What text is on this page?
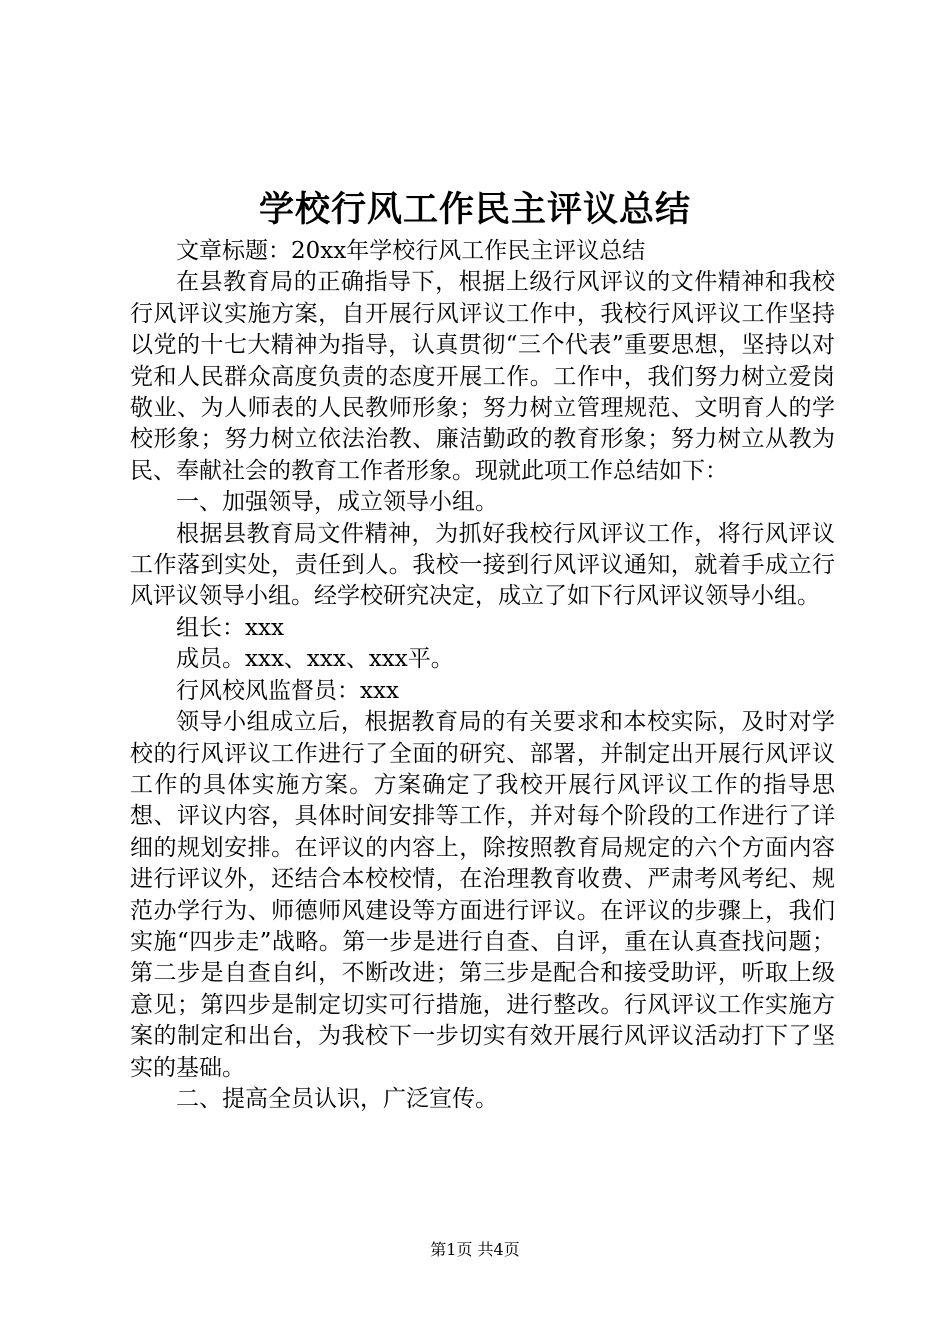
学校行风工作民主评议总结

文章标题：20xx年学校行风工作民主评议总结

在县教育局的正确指导下，根据上级行风评议的文件精神和我校行风评议实施方案，自开展行风评议工作中，我校行风评议工作坚持以党的十七大精神为指导，认真贯彻“三个代表”重要思想，坚持以对党和人民群众高度负责的态度开展工作。工作中，我们努力树立爱岗敬业、为人师表的人民教师形象；努力树立管理规范、文明育人的学校形象；努力树立依法治教、廉洁勤政的教育形象；努力树立从教为民、奉献社会的教育工作者形象。现就此项工作总结如下：

一、加强领导，成立领导小组。

根据县教育局文件精神，为抓好我校行风评议工作，将行风评议工作落到实处，责任到人。我校一接到行风评议通知，就着手成立行风评议领导小组。经学校研究决定，成立了如下行风评议领导小组。

组长：xxx

成员。xxx、xxx、xxx平。

行风校风监督员：xxx

领导小组成立后，根据教育局的有关要求和本校实际，及时对学校的行风评议工作进行了全面的研究、部署，并制定出开展行风评议工作的具体实施方案。方案确定了我校开展行风评议工作的指导思想、评议内容，具体时间安排等工作，并对每个阶段的工作进行了详细的规划安排。在评议的内容上，除按照教育局规定的六个方面内容进行评议外，还结合本校校情，在治理教育收费、严肃考风考纪、规范办学行为、师德师风建设等方面进行评议。在评议的步骤上，我们实施“四步走”战略。第一步是进行自查、自评，重在认真查找问题；第二步是自查自纠，不断改进；第三步是配合和接受助评，听取上级意见；第四步是制定切实可行措施，进行整改。行风评议工作实施方案的制定和出台，为我校下一步切实有效开展行风评议活动打下了坚实的基础。

二、提高全员认识，广泛宣传。

第1页 共4页
